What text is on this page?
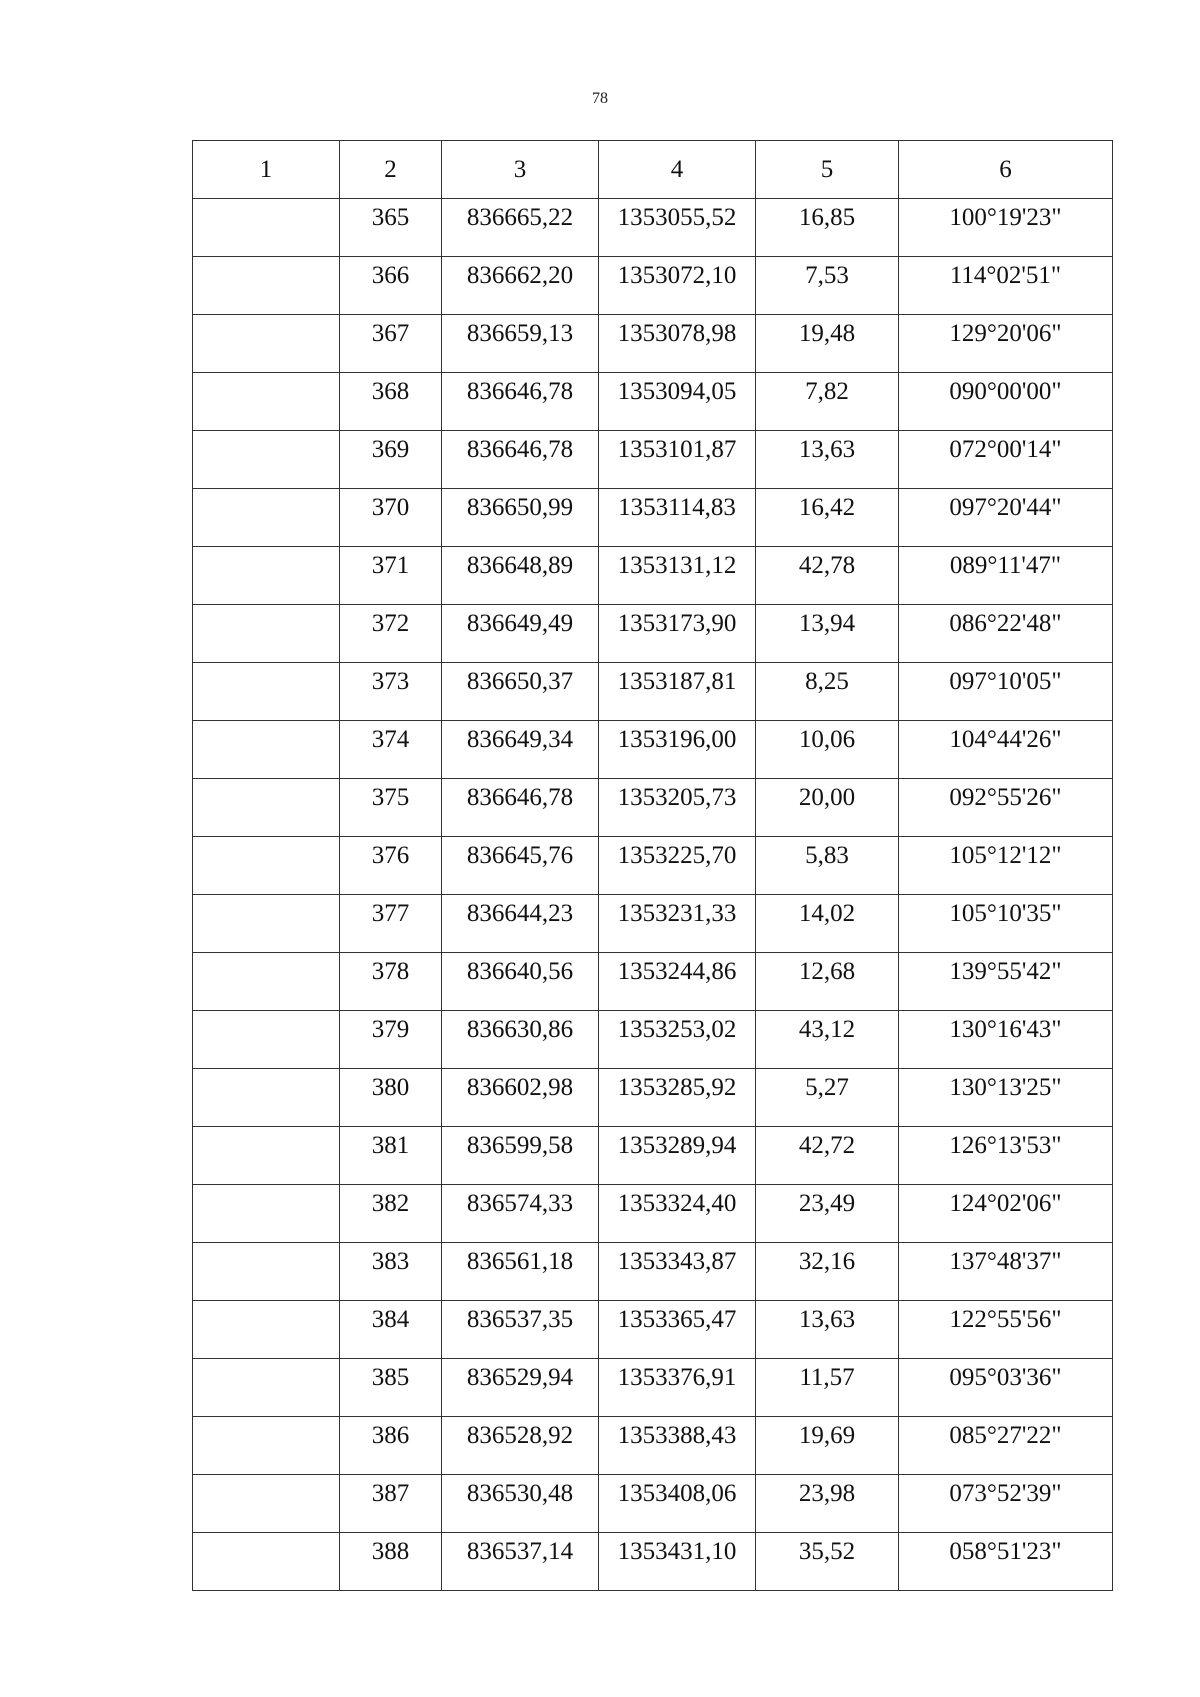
78
1	2	3	4	5	6
	365	836665,22	1353055,52	16,85	100°19'23"
	366	836662,20	1353072,10	7,53	114°02'51"
	367	836659,13	1353078,98	19,48	129°20'06"
	368	836646,78	1353094,05	7,82	090°00'00"
	369	836646,78	1353101,87	13,63	072°00'14"
	370	836650,99	1353114,83	16,42	097°20'44"
	371	836648,89	1353131,12	42,78	089°11'47"
	372	836649,49	1353173,90	13,94	086°22'48"
	373	836650,37	1353187,81	8,25	097°10'05"
	374	836649,34	1353196,00	10,06	104°44'26"
	375	836646,78	1353205,73	20,00	092°55'26"
	376	836645,76	1353225,70	5,83	105°12'12"
	377	836644,23	1353231,33	14,02	105°10'35"
	378	836640,56	1353244,86	12,68	139°55'42"
	379	836630,86	1353253,02	43,12	130°16'43"
	380	836602,98	1353285,92	5,27	130°13'25"
	381	836599,58	1353289,94	42,72	126°13'53"
	382	836574,33	1353324,40	23,49	124°02'06"
	383	836561,18	1353343,87	32,16	137°48'37"
	384	836537,35	1353365,47	13,63	122°55'56"
	385	836529,94	1353376,91	11,57	095°03'36"
	386	836528,92	1353388,43	19,69	085°27'22"
	387	836530,48	1353408,06	23,98	073°52'39"
	388	836537,14	1353431,10	35,52	058°51'23"
